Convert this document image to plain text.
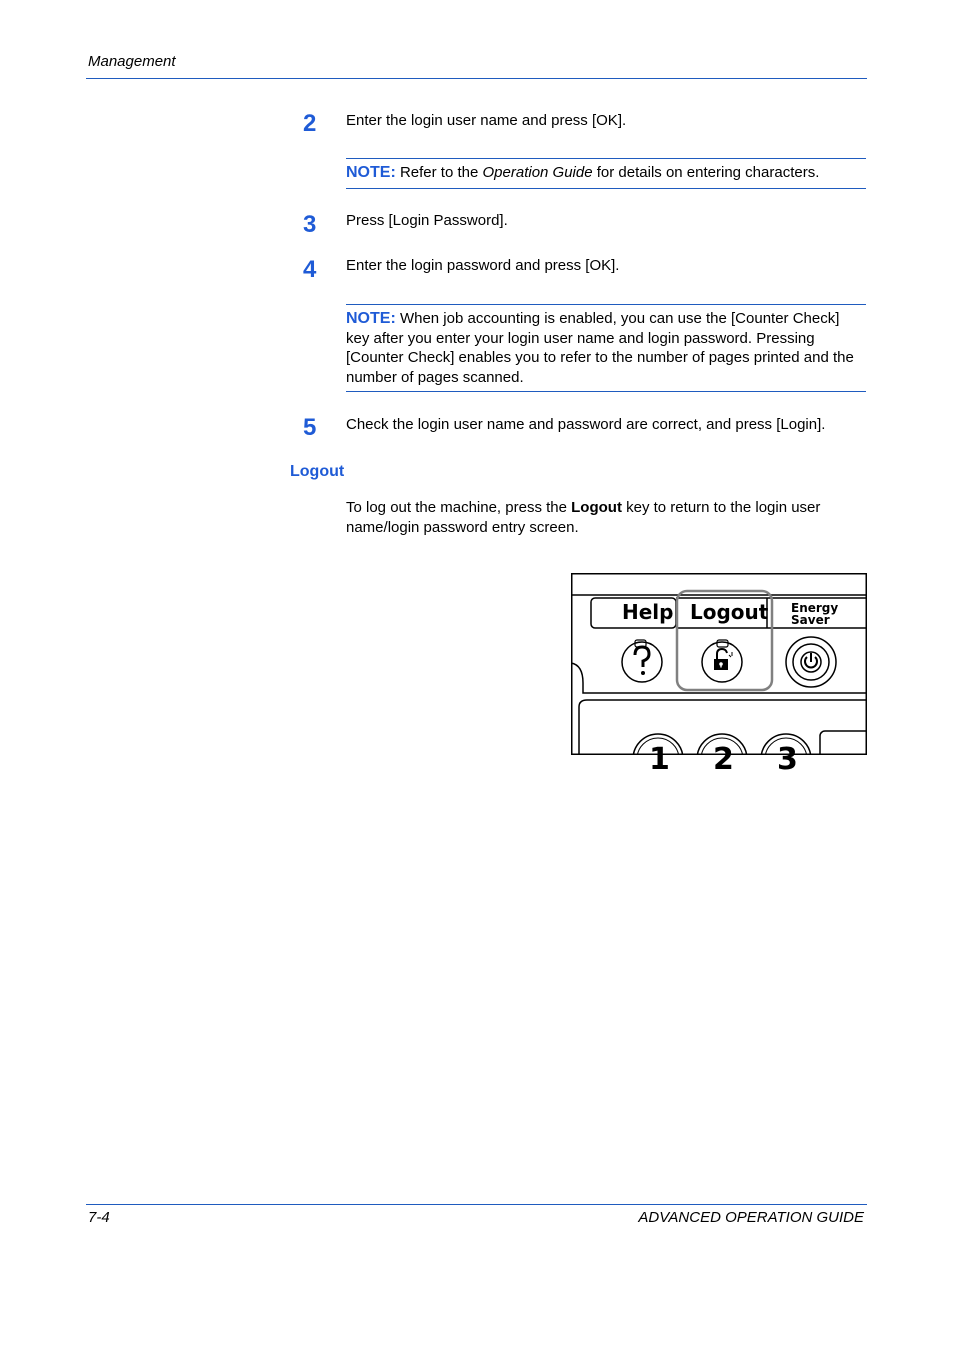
Management
2 Enter the login user name and press [OK].
NOTE: Refer to the Operation Guide for details on entering characters.
3 Press [Login Password].
4 Enter the login password and press [OK].
NOTE: When job accounting is enabled, you can use the [Counter Check] key after you enter your login user name and login password. Pressing [Counter Check] enables you to refer to the number of pages printed and the number of pages scanned.
5 Check the login user name and password are correct, and press [Login].
Logout
To log out the machine, press the Logout key to return to the login user name/login password entry screen.
Help Logout Energy
Saver
1 2 3
7-4	ADVANCED OPERATION GUIDE
